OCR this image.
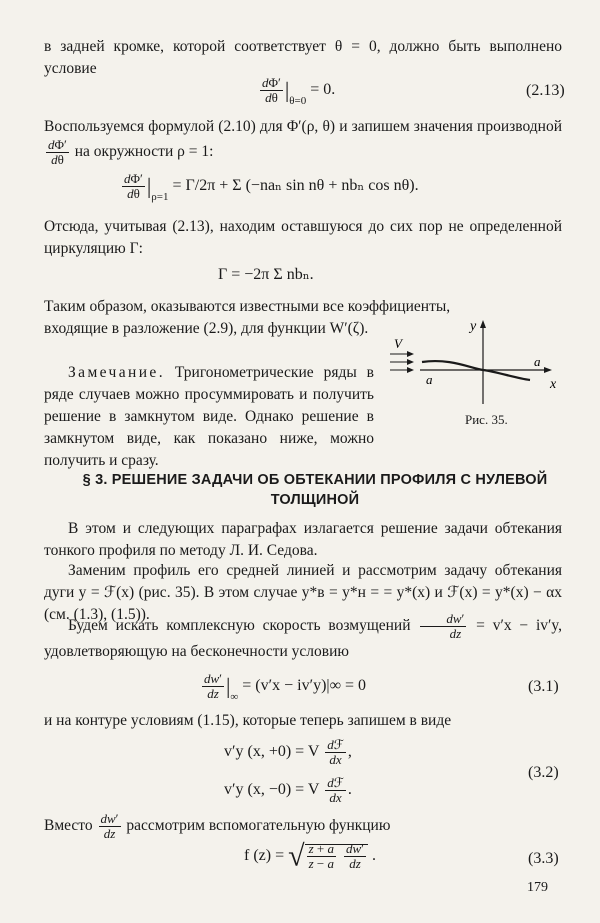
в задней кромке, которой соответствует θ = 0, должно быть выполнено условие

$\frac{d\Phi'}{d\theta} |_{\theta=0} = 0$.	(2.13)

Воспользуемся формулой (2.10) для Φ′(ρ, θ) и запишем значения производной
$\frac{d\Phi'}{d\theta}$ на окружности ρ = 1:

$\frac{d\Phi'}{d\theta} |_{\rho=1} = \Gamma/2\pi + \Sigma$ (−naₙ sin nθ + nbₙ cos nθ).

Отсюда, учитывая (2.13), находим оставшуюся до сих пор не определенной циркуляцию Γ:

Γ = −2π Σ nbₙ.

Таким образом, оказываются известными все коэффициенты,

входящие в разложение (2.9), для функции W′(ζ).

Замечание. Тригонометрические ряды в ряде случаев можно просуммировать и получить решение в замкнутом виде. Однако решение в замкнутом виде, как показано ниже, можно получить и сразу.

y
x
V
a
a
Рис. 35.
§ 3. РЕШЕНИЕ ЗАДАЧИ ОБ ОБТЕКАНИИ ПРОФИЛЯ С НУЛЕВОЙ ТОЛЩИНОЙ

В этом и следующих параграфах излагается решение задачи обтекания тонкого профиля по методу Л. И. Седова.

Заменим профиль его средней линией и рассмотрим задачу обтекания дуги y = ℱ(x) (рис. 35). В этом случае y*в = y*н = = y*(x) и ℱ(x) = y*(x) − αx (см. (1.3), (1.5)).

Будем искать комплексную скорость возмущений $\frac{dw'}{dz} = v'x - iv'y$, удовлетворяющую на бесконечности условию

$\frac{dw'}{dz} |_\infty = (v'x - iv'y)|\infty = 0$	(3.1)

и на контуре условиям (1.15), которые теперь запишем в виде

v′y (x, +0) = V $\frac{\text{dℱ}}{dx}$ ,
v′y (x, −0) = V $\frac{\text{dℱ}}{dx}$ .
(3.2)

Вместо $\frac{dw'}{dz}$ рассмотрим вспомогательную функцию

f (z) = √ $\frac{z + a}{z - a}$
$\frac{dw'}{dz}$ .	(3.3)
179
